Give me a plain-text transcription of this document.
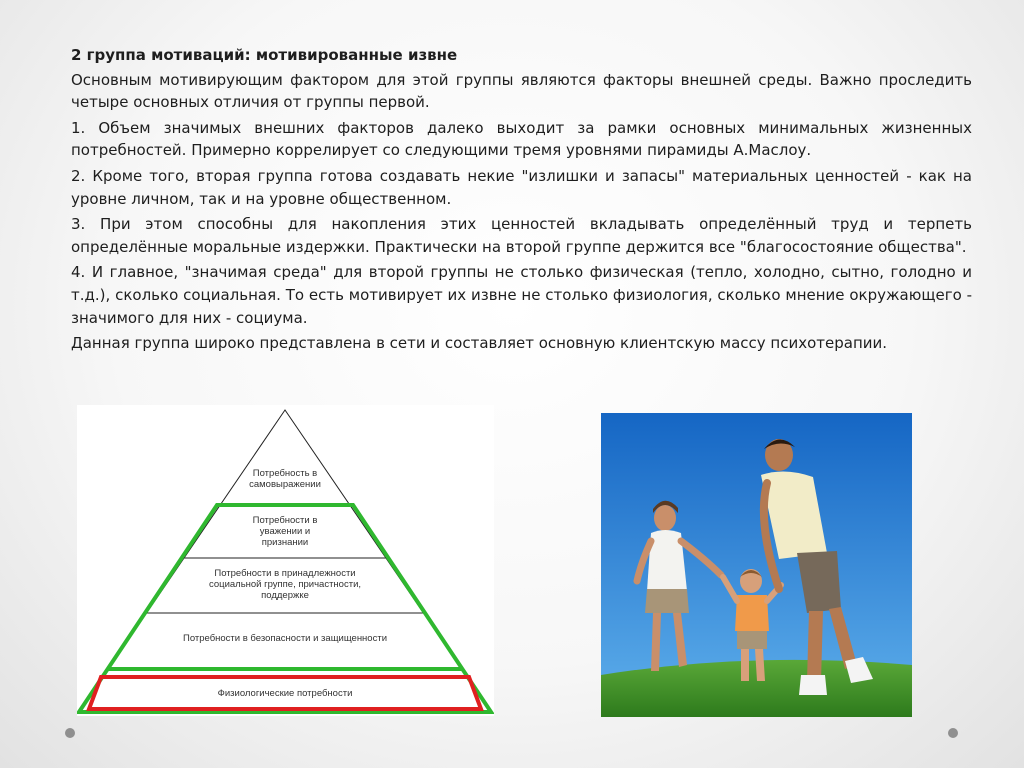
2 группа мотиваций: мотивированные извне

Основным мотивирующим фактором для этой группы являются факторы внешней среды. Важно проследить четыре основных отличия от группы первой.

1. Объем значимых внешних факторов далеко выходит за рамки основных минимальных жизненных потребностей. Примерно коррелирует со следующими тремя уровнями пирамиды А.Маслоу.

2. Кроме того, вторая группа готова создавать некие "излишки и запасы" материальных ценностей - как на уровне личном, так и на уровне общественном.

3. При этом способны для накопления этих ценностей вкладывать определённый труд и терпеть определённые моральные издержки. Практически на второй группе держится все "благосостояние общества".

4. И главное, "значимая среда" для второй группы не столько физическая (тепло, холодно, сытно, голодно и т.д.), сколько социальная. То есть мотивирует их извне не столько физиология, сколько мнение окружающего - значимого для них - социума.

Данная группа широко представлена в сети и составляет основную клиентскую массу психотерапии.

Потребность в самовыражении
Потребности в уважении и признании
Потребности в принадлежности социальной группе, причастности, поддержке
Потребности в безопасности и защищенности
Физиологические потребности
